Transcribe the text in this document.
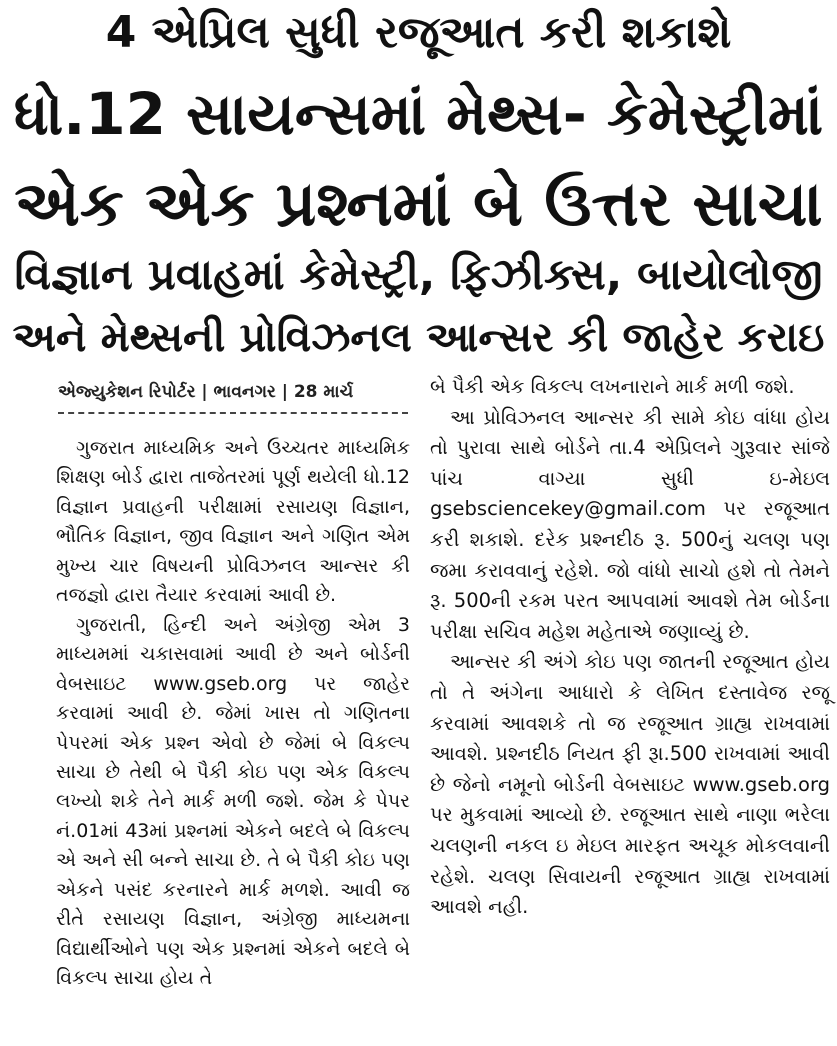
4 એપ્રિલ સુધી રજૂઆત કરી શકાશે
ધો.12 સાયન્સમાં મેથ્સ- કેમેસ્ટ્રીમાં
એક એક પ્રશ્નમાં બે ઉત્તર સાચા
વિજ્ઞાન પ્રવાહમાં કેમેસ્ટ્રી, ફિઝીક્સ, બાયોલોજી
અને મેથ્સની પ્રોવિઝનલ આન્સર કી જાહેર કરાઇ
એજ્યુકેશન રિપોર્ટર | ભાવનગર | 28 માર્ચ

ગુજરાત માધ્યમિક અને ઉચ્ચતર માધ્યમિક શિક્ષણ બોર્ડ દ્વારા તાજેતરમાં પૂર્ણ થયેલી ધો.12 વિજ્ઞાન પ્રવાહની પરીક્ષામાં રસાયણ વિજ્ઞાન, ભૌતિક વિજ્ઞાન, જીવ વિજ્ઞાન અને ગણિત એમ મુખ્ય ચાર વિષયની પ્રોવિઝનલ આન્સર કી તજજ્ઞો દ્વારા તૈયાર કરવામાં આવી છે.

ગુજરાતી, હિન્દી અને અંગ્રેજી એમ 3 માધ્યમમાં ચકાસવામાં આવી છે અને બોર્ડની વેબસાઇટ www.gseb.org પર જાહેર કરવામાં આવી છે. જેમાં ખાસ તો ગણિતના પેપરમાં એક પ્રશ્ન એવો છે જેમાં બે વિકલ્પ સાચા છે તેથી બે પૈકી કોઇ પણ એક વિકલ્પ લખ્યો શકે તેને માર્ક મળી જશે. જેમ કે પેપર નં.01માં 43માં પ્રશ્નમાં એકને બદલે બે વિકલ્પ એ અને સી બન્ને સાચા છે. તે બે પૈકી કોઇ પણ એકને પસંદ કરનારને માર્ક મળશે. આવી જ રીતે રસાયણ વિજ્ઞાન, અંગ્રેજી માધ્યમના વિદ્યાર્થીઓને પણ એક પ્રશ્નમાં એકને બદલે બે વિકલ્પ સાચા હોય તે

બે પૈકી એક વિકલ્પ લખનારાને માર્ક મળી જશે.

આ પ્રોવિઝનલ આન્સર કી સામે કોઇ વાંધા હોય તો પુરાવા સાથે બોર્ડને તા.4 એપ્રિલને ગુરૂવાર સાંજે પાંચ વાગ્યા સુધી ઇ-મેઇલ gsebsciencekey@gmail.com પર રજૂઆત કરી શકાશે. દરેક પ્રશ્નદીઠ રૂ. 500નું ચલણ પણ જમા કરાવવાનું રહેશે. જો વાંધો સાચો હશે તો તેમને રૂ. 500ની રકમ પરત આપવામાં આવશે તેમ બોર્ડના પરીક્ષા સચિવ મહેશ મહેતાએ જણાવ્યું છે.

આન્સર કી અંગે કોઇ પણ જાતની રજૂઆત હોય તો તે અંગેના આધારો કે લેખિત દસ્તાવેજ રજૂ કરવામાં આવશકે તો જ રજૂઆત ગ્રાહ્ય રાખવામાં આવશે. પ્રશ્નદીઠ નિયત ફી રૂા.500 રાખવામાં આવી છે જેનો નમૂનો બોર્ડની વેબસાઇટ www.gseb.org પર મુકવામાં આવ્યો છે. રજૂઆત સાથે નાણા ભરેલા ચલણની નકલ ઇ મેઇલ મારફત અચૂક મોકલવાની રહેશે. ચલણ સિવાયની રજૂઆત ગ્રાહ્ય રાખવામાં આવશે નહી.
